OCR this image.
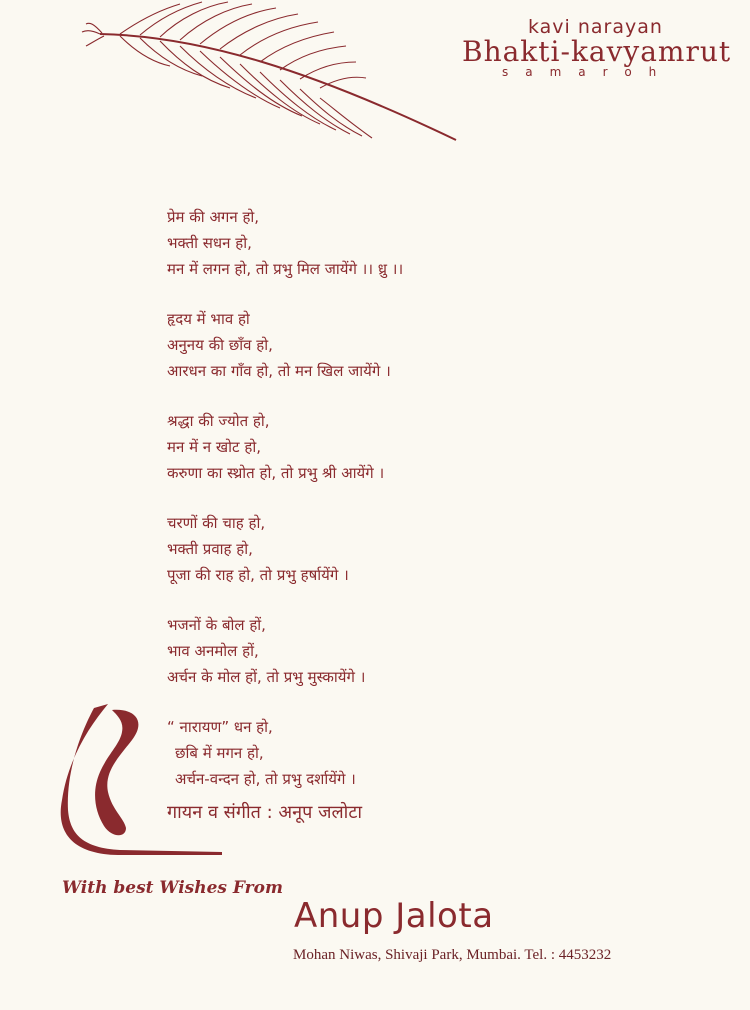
kavi narayan
Bhakti-kavyamrut
samaroh
प्रेम की अगन हो,
भक्ती सधन हो,
मन में लगन हो, तो प्रभु मिल जायेंगे ।। ध्रु ।।
हृदय में भाव हो
अनुनय की छाँव हो,
आरधन का गाँव हो, तो मन खिल जायेंगे ।
श्रद्धा की ज्योत हो,
मन में न खोट हो,
करुणा का स्थ्रोत हो, तो प्रभु श्री आयेंगे ।
चरणों की चाह हो,
भक्ती प्रवाह हो,
पूजा की राह हो, तो प्रभु हर्षायेंगे ।
भजनों के बोल हों,
भाव अनमोल हों,
अर्चन के मोल हों, तो प्रभु मुस्कायेंगे ।
“ नारायण” धन हो,
छबि में मगन हो,
अर्चन-वन्दन हो, तो प्रभु दर्शायेंगे ।
गायन व संगीत : अनूप जलोटा
With best Wishes From
Anup Jalota
Mohan Niwas, Shivaji Park, Mumbai. Tel. : 4453232
